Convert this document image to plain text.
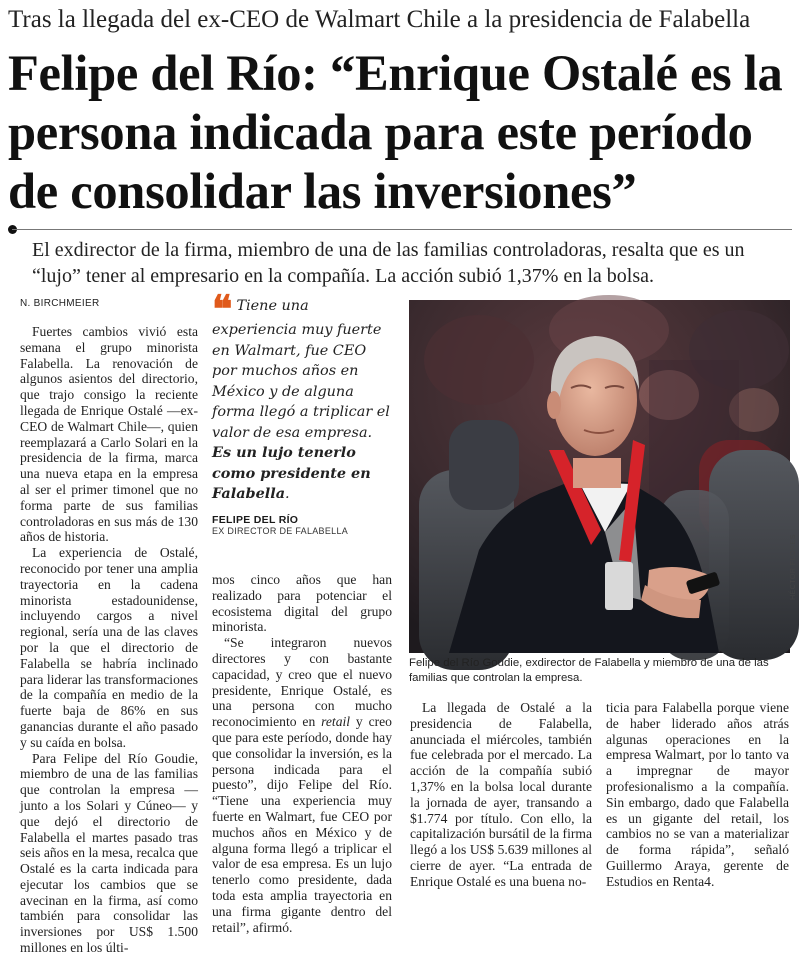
Tras la llegada del ex-CEO de Walmart Chile a la presidencia de Falabella
Felipe del Río: “Enrique Ostalé es la persona indicada para este período de consolidar las inversiones”
El exdirector de la firma, miembro de una de las familias controladoras, resalta que es un “lujo” tener al empresario en la compañía. La acción subió 1,37% en la bolsa.
N. BIRCHMEIER

Fuertes cambios vivió esta semana el grupo minorista Falabella. La renovación de algunos asientos del directorio, que trajo consigo la reciente llegada de Enrique Ostalé —ex-CEO de Walmart Chile—, quien reemplazará a Carlo Solari en la presidencia de la firma, marca una nueva etapa en la empresa al ser el primer timonel que no forma parte de sus familias controladoras en sus más de 130 años de historia.

La experiencia de Ostalé, reconocido por tener una amplia trayectoria en la cadena minorista estadounidense, incluyendo cargos a nivel regional, sería una de las claves por la que el directorio de Falabella se habría inclinado para liderar las transformaciones de la compañía en medio de la fuerte baja de 86% en sus ganancias durante el año pasado y su caída en bolsa.

Para Felipe del Río Goudie, miembro de una de las familias que controlan la empresa —junto a los Solari y Cúneo— y que dejó el directorio de Falabella el martes pasado tras seis años en la mesa, recalca que Ostalé es la carta indicada para ejecutar los cambios que se avecinan en la firma, así como también para consolidar las inversiones por US$ 1.500 millones en los últi-

❝ Tiene una experiencia muy fuerte en Walmart, fue CEO por muchos años en México y de alguna forma llegó a triplicar el valor de esa empresa. Es un lujo tenerlo como presidente en Falabella.
FELIPE DEL RÍO
EX DIRECTOR DE FALABELLA

mos cinco años que han realizado para potenciar el ecosistema digital del grupo minorista.

“Se integraron nuevos directores y con bastante capacidad, y creo que el nuevo presidente, Enrique Ostalé, es una persona con mucho reconocimiento en retail y creo que para este período, donde hay que consolidar la inversión, es la persona indicada para el puesto”, dijo Felipe del Río. “Tiene una experiencia muy fuerte en Walmart, fue CEO por muchos años en México y de alguna forma llegó a triplicar el valor de esa empresa. Es un lujo tenerlo como presidente, dada toda esta amplia trayectoria en una firma gigante dentro del retail”, afirmó.

HÉCTOR FLORES
Felipe del Río Goudie, exdirector de Falabella y miembro de una de las familias que controlan la empresa.

La llegada de Ostalé a la presidencia de Falabella, anunciada el miércoles, también fue celebrada por el mercado. La acción de la compañía subió 1,37% en la bolsa local durante la jornada de ayer, transando a $1.774 por título. Con ello, la capitalización bursátil de la firma llegó a los US$ 5.639 millones al cierre de ayer. “La entrada de Enrique Ostalé es una buena no-

ticia para Falabella porque viene de haber liderado años atrás algunas operaciones en la empresa Walmart, por lo tanto va a impregnar de mayor profesionalismo a la compañía. Sin embargo, dado que Falabella es un gigante del retail, los cambios no se van a materializar de forma rápida”, señaló Guillermo Araya, gerente de Estudios en Renta4.
